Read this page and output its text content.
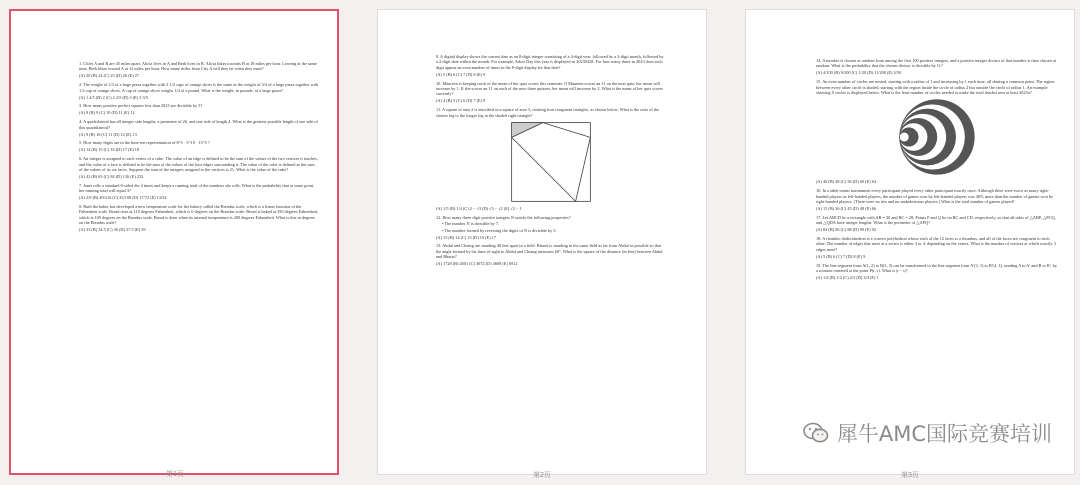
1. Cities A and B are 45 miles apart. Alicia lives in A and Beth lives in B. Alicia bikes towards B at 18 miles per hour. Leaving at the same time, Beth bikes toward A at 12 miles per hour. How many miles from City A will they be when they meet?

(A) 20 (B) 24 (C) 25 (D) 26 (E) 27

2. The weight of 1/3 of a large pizza together with 3 1/2 cups of orange slices is the same as the weight of 3/4 of a large pizza together with 1/2 cup of orange slices. A cup of orange slices weighs 1/4 of a pound. What is the weight, in pounds, of a large pizza?

(A) 1 4/5 (B) 2 (C) 2 2/5 (D) 3 (E) 3 3/5

3. How many positive perfect squares less than 2023 are divisible by 5?

(A) 8 (B) 9 (C) 10 (D) 11 (E) 12

4. A quadrilateral has all integer side lengths, a perimeter of 26, and one side of length 4. What is the greatest possible length of one side of this quadrilateral?

(A) 9 (B) 10 (C) 11 (D) 12 (E) 13

5. How many digits are in the base-ten representation of 8^5 · 5^10 · 15^5 ?

(A) 14 (B) 15 (C) 16 (D) 17 (E) 18

6. An integer is assigned to each vertex of a cube. The value of an edge is defined to be the sum of the values of the two vertices it touches, and the value of a face is defined to be the sum of the values of the four edges surrounding it. The value of the cube is defined as the sum of the values of its six faces. Suppose the sum of the integers assigned to the vertices is 21. What is the value of the cube?

(A) 42 (B) 63 (C) 84 (D) 126 (E) 252

7. Janet rolls a standard 6-sided die 4 times and keeps a running total of the numbers she rolls. What is the probability that at some point, her running total will equal 3?

(A) 2/9 (B) 49/216 (C) 25/108 (D) 17/72 (E) 13/54

8. Barb the baker has developed a new temperature scale for her bakery called the Breadus scale, which is a linear function of the Fahrenheit scale. Bread rises at 110 degrees Fahrenheit, which is 0 degrees on the Breadus scale. Bread is baked at 350 degrees Fahrenheit, which is 100 degrees on the Breadus scale. Bread is done when its internal temperature is 200 degrees Fahrenheit. What is this in degrees on the Breadus scale?

(A) 33 (B) 34.5 (C) 36 (D) 37.5 (E) 39

第1页

9. A digital display shows the current date as an 8-digit integer consisting of a 4-digit year, followed by a 2-digit month, followed by a 2-digit date within the month. For example, Arbor Day this year is displayed as 20230428. For how many dates in 2023 does each digit appear an even number of times in the 8-digit display for that date?

(A) 5 (B) 6 (C) 7 (D) 8 (E) 9

10. Maureen is keeping track of the mean of her quiz scores this semester. If Maureen scores an 11 on the next quiz, her mean will increase by 1. If she scores an 11 on each of the next three quizzes, her mean will increase by 2. What is the mean of her quiz scores currently?

(A) 4 (B) 5 (C) 6 (D) 7 (E) 8

11. A square of area 2 is inscribed in a square of area 3, creating four congruent triangles, as shown below. What is the ratio of the shorter leg to the longer leg in the shaded right triangle?

(A) 1/5 (B) 1/4 (C) 2 − √3 (D) √3 − √2 (E) √2 − 1

12. How many three-digit positive integers N satisfy the following properties?

• The number N is divisible by 7.

• The number formed by reversing the digits of N is divisible by 5.

(A) 13 (B) 14 (C) 15 (D) 16 (E) 17

13. Abdul and Chiang are standing 48 feet apart in a field. Bharat is standing in the same field as far from Abdul as possible so that the angle formed by his lines of sight to Abdul and Chiang measures 60°. What is the square of the distance (in feet) between Abdul and Bharat?

(A) 1728 (B) 2601 (C) 3072 (D) 4608 (E) 6912

第2页

14. A number is chosen at random from among the first 100 positive integers, and a positive integer divisor of that number is then chosen at random. What is the probability that the chosen divisor is divisible by 11?

(A) 4/100 (B) 9/200 (C) 1/20 (D) 11/200 (E) 3/50

15. An even number of circles are nested, starting with a radius of 1 and increasing by 1 each time, all sharing a common point. The region between every other circle is shaded, starting with the region inside the circle of radius 2 but outside the circle of radius 1. An example showing 8 circles is displayed below. What is the least number of circles needed to make the total shaded area at least 2023π?

(A) 46 (B) 48 (C) 56 (D) 60 (E) 64

16. In a table tennis tournament every participant played every other participant exactly once. Although there were twice as many right-handed players as left-handed players, the number of games won by left-handed players was 40% more than the number of games won by right-handed players. (There were no ties and no ambidextrous players.) What is the total number of games played?

(A) 15 (B) 36 (C) 45 (D) 48 (E) 66

17. Let ABCD be a rectangle with AB = 30 and BC = 28. Points P and Q lie on BC and CD, respectively, so that all sides of △ABP, △PCQ, and △QDA have integer lengths. What is the perimeter of △APQ?

(A) 84 (B) 86 (C) 88 (D) 90 (E) 92

18. A rhombic dodecahedron is a convex polyhedron whose each of the 12 faces is a rhombus, and all of the faces are congruent to each other. The number of edges that meet at a vertex is either 3 or 4, depending on the vertex. What is the number of vertices at which exactly 3 edges meet?

(A) 5 (B) 6 (C) 7 (D) 8 (E) 9

19. The line segment from A(1, 2) to B(3, 3) can be transformed to the line segment from A'(3, 1) to B'(4, 3), sending A to A' and B to B', by a rotation centered at the point P(r, s). What is |r − s|?

(A) 1/4 (B) 1/2 (C) 2/3 (D) 3/4 (E) 1

第3页
犀牛AMC国际竞赛培训
